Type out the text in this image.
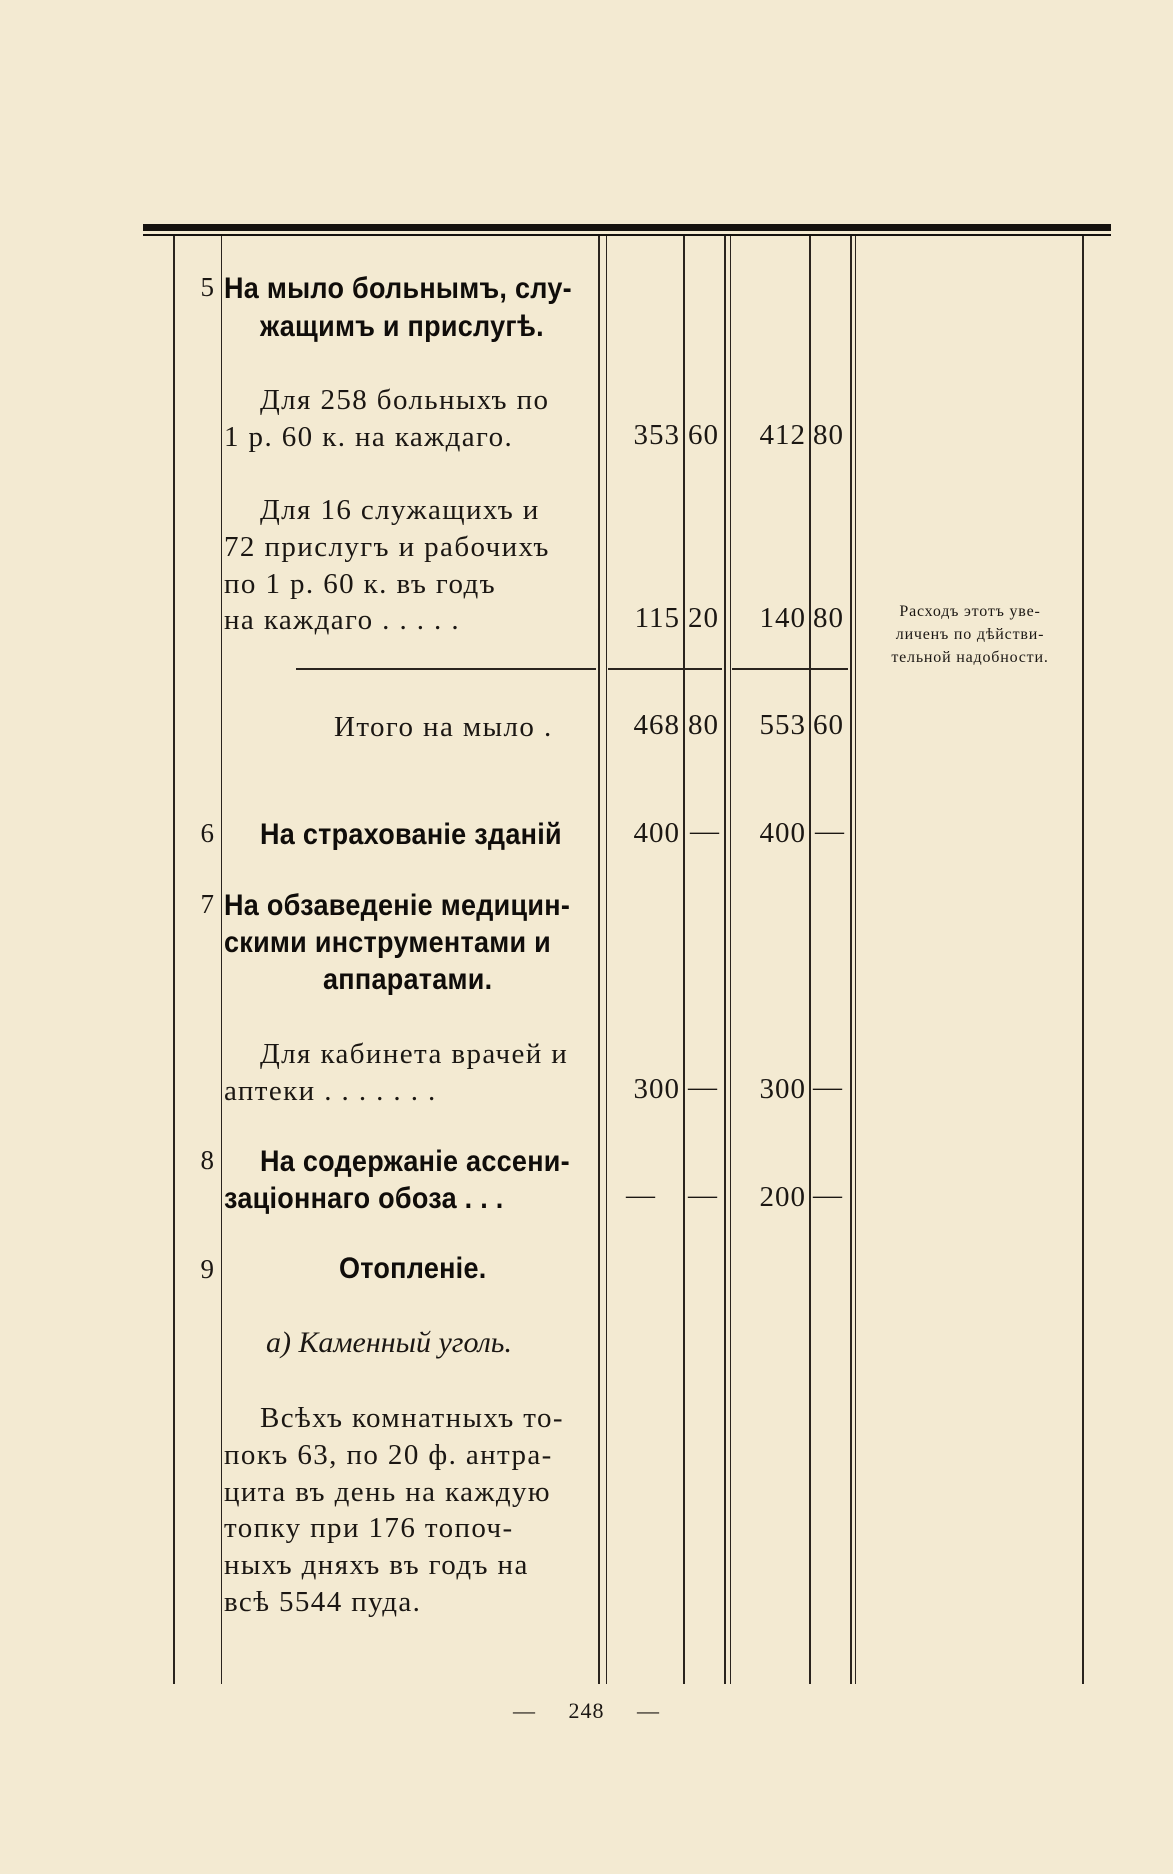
5 На мыло больнымъ, слу-
жащимъ и прислугѣ.
Для 258 больныхъ по
1 р. 60 к. на каждаго.	353 60	412 80
Для 16 служащихъ и
72 прислугъ и рабочихъ
по 1 р. 60 к. въ годъ
на каждаго . . . . .	115 20	140 80	Расходъ этотъ уве-
личенъ по дѣйстви-
тельной надобности.
Итого на мыло .	468 80	553 60
6 На страхованіе зданій	400 —	400 —
7 На обзаведеніе медицин-
скими инструментами и
аппаратами.
Для кабинета врачей и
аптеки . . . . . . .	300 —	300 —
8 На содержаніе ассени-
заціоннаго обоза . . .	— —	200 —
9	Отопленіе.
а) Каменный уголь.
Всѣхъ комнатныхъ то-
покъ 63, по 20 ф. антра-
цита въ день на каждую
топку при 176 топоч-
ныхъ дняхъ въ годъ на
всѣ 5544 пуда.
— 248 —
